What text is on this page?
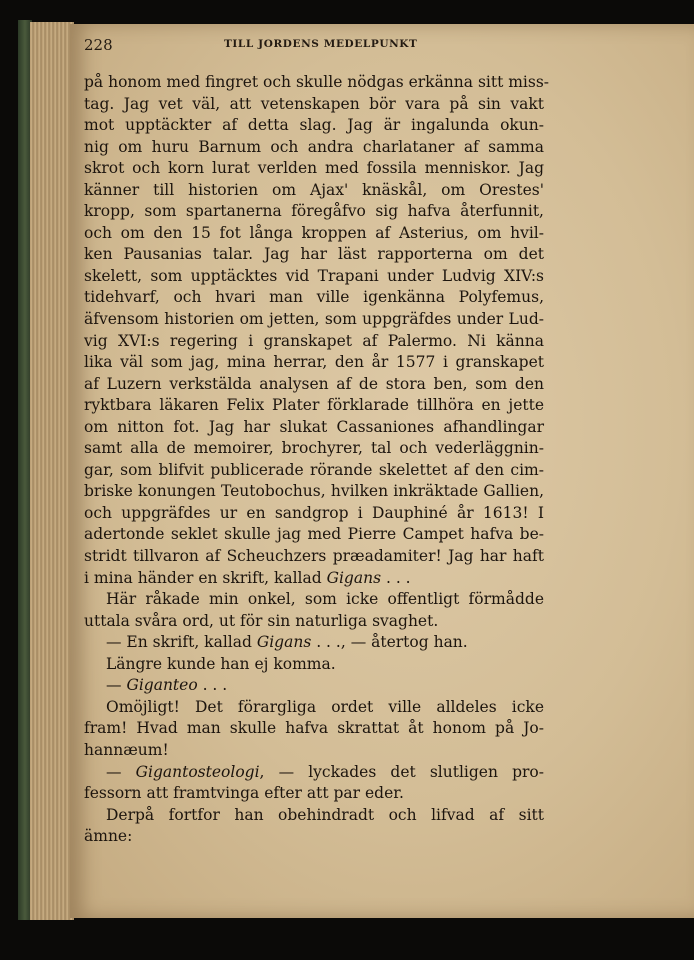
228	TILL JORDENS MEDELPUNKT
på honom med fingret och skulle nödgas erkänna sitt miss-
tag. Jag vet väl, att vetenskapen bör vara på sin vakt
mot upptäckter af detta slag. Jag är ingalunda okun-
nig om huru Barnum och andra charlataner af samma
skrot och korn lurat verlden med fossila menniskor. Jag
känner till historien om Ajax' knäskål, om Orestes'
kropp, som spartanerna föregåfvo sig hafva återfunnit,
och om den 15 fot långa kroppen af Asterius, om hvil-
ken Pausanias talar. Jag har läst rapporterna om det
skelett, som upptäcktes vid Trapani under Ludvig XIV:s
tidehvarf, och hvari man ville igenkänna Polyfemus,
äfvensom historien om jetten, som uppgräfdes under Lud-
vig XVI:s regering i granskapet af Palermo. Ni känna
lika väl som jag, mina herrar, den år 1577 i granskapet
af Luzern verkstälda analysen af de stora ben, som den
ryktbara läkaren Felix Plater förklarade tillhöra en jette
om nitton fot. Jag har slukat Cassaniones afhandlingar
samt alla de memoirer, brochyrer, tal och vederläggnin-
gar, som blifvit publicerade rörande skelettet af den cim-
briske konungen Teutobochus, hvilken inkräktade Gallien,
och uppgräfdes ur en sandgrop i Dauphiné år 1613! I
adertonde seklet skulle jag med Pierre Campet hafva be-
stridt tillvaron af Scheuchzers præadamiter! Jag har haft
i mina händer en skrift, kallad Gigans . . .
Här råkade min onkel, som icke offentligt förmådde
uttala svåra ord, ut för sin naturliga svaghet.
— En skrift, kallad Gigans . . ., — återtog han.
Längre kunde han ej komma.
— Giganteo . . .
Omöjligt! Det förargliga ordet ville alldeles icke
fram! Hvad man skulle hafva skrattat åt honom på Jo-
hannæum!
— Gigantosteologi, — lyckades det slutligen pro-
fessorn att framtvinga efter att par eder.
Derpå fortfor han obehindradt och lifvad af sitt
ämne:
